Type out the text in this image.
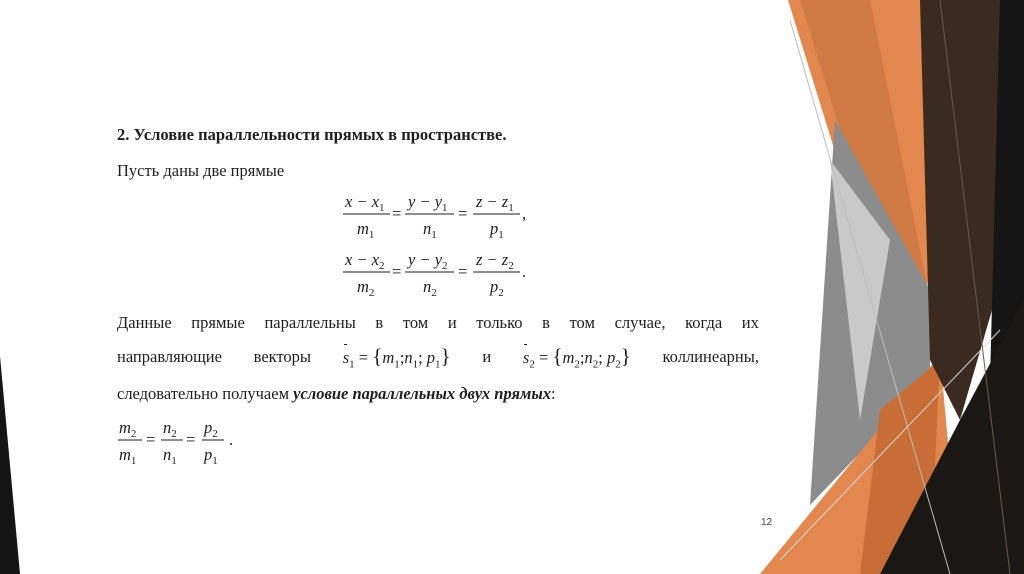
2. Условие параллельности прямых в пространстве.
Пусть даны две прямые
$x - x_1$
$m_1$
=
$y - y_1$
$n_1$
=
$z - z_1$
$p_1$
,
$x - x_2$
$m_2$
=
$y - y_2$
$n_2$
=
$z - z_2$
$p_2$
.
Данные прямые параллельны в том и только в том случае, когда их
направляющие векторы $s_1$ = {$m_1;n_1$; $p_1$} и $s_2$ = {$m_2;n_2$; $p_2$} коллинеарны,
следовательно получаем условие параллельных двух прямых:
$m_2$
$m_1$
=
$n_2$
$n_1$
=
$p_2$
$p_1$
.
12
